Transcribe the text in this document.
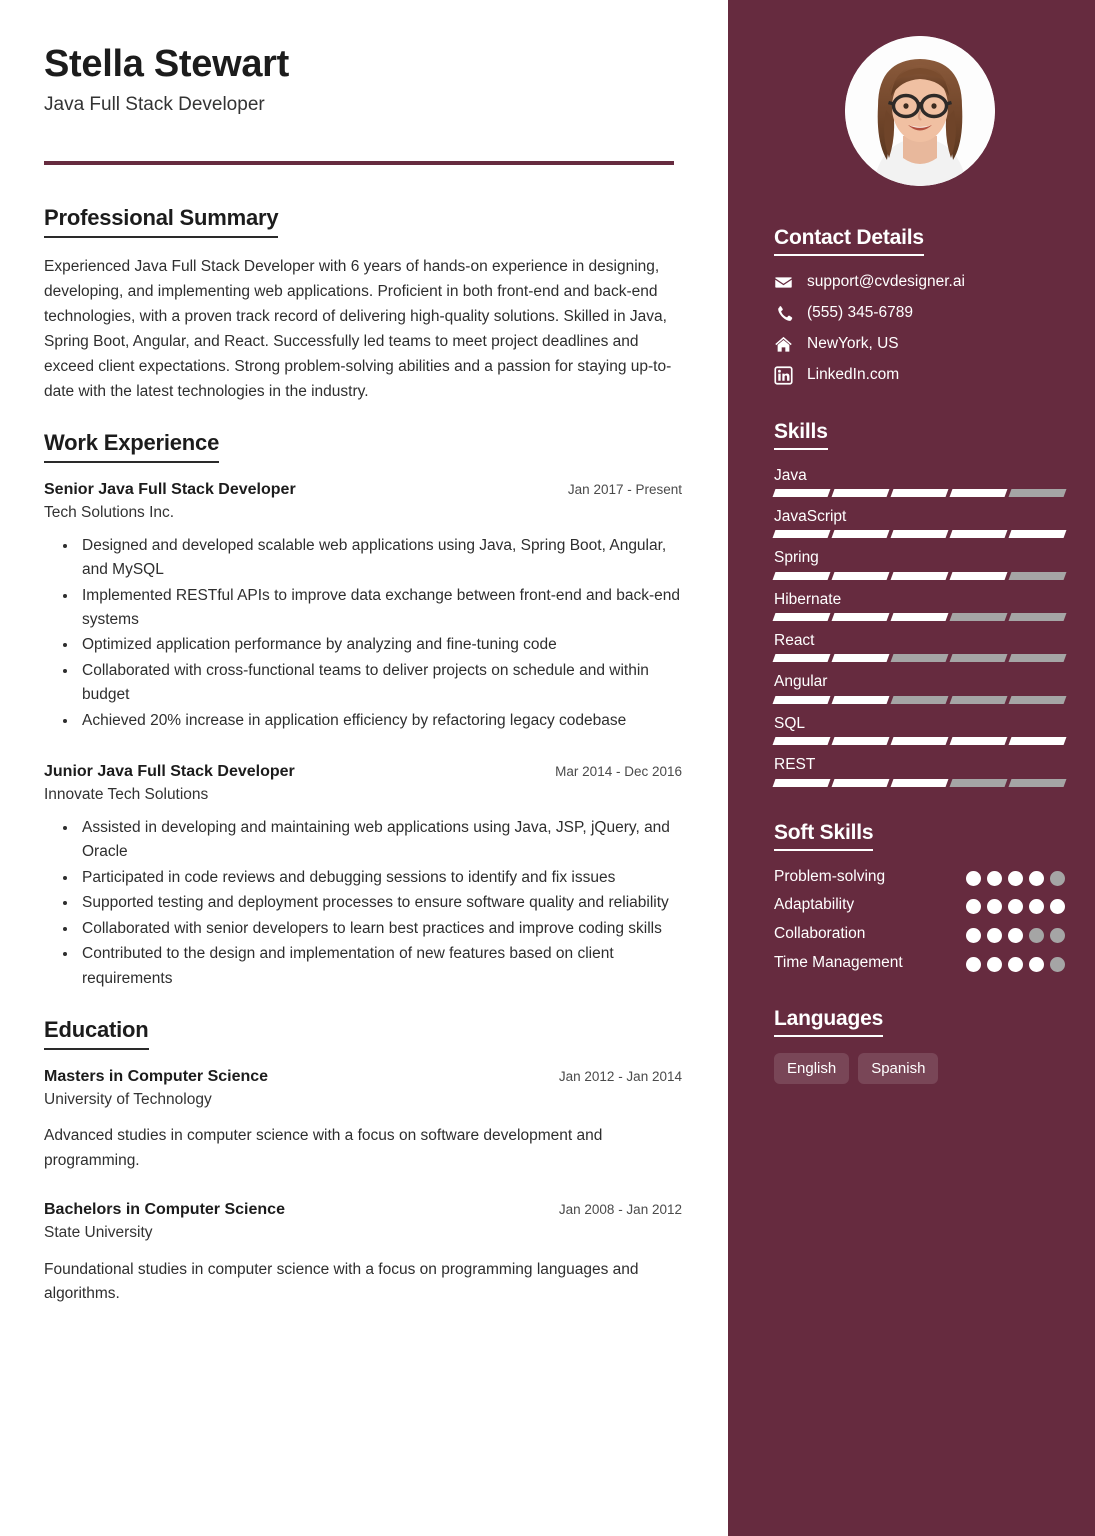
Stella Stewart

Java Full Stack Developer

Professional Summary

Experienced Java Full Stack Developer with 6 years of hands-on experience in designing, developing, and implementing web applications. Proficient in both front-end and back-end technologies, with a proven track record of delivering high-quality solutions. Skilled in Java, Spring Boot, Angular, and React. Successfully led teams to meet project deadlines and exceed client expectations. Strong problem-solving abilities and a passion for staying up-to-date with the latest technologies in the industry.

Work Experience
Senior Java Full Stack Developer	Jan 2017 - Present
Tech Solutions Inc.
• Designed and developed scalable web applications using Java, Spring Boot, Angular, and MySQL
• Implemented RESTful APIs to improve data exchange between front-end and back-end systems
• Optimized application performance by analyzing and fine-tuning code
• Collaborated with cross-functional teams to deliver projects on schedule and within budget
• Achieved 20% increase in application efficiency by refactoring legacy codebase
Junior Java Full Stack Developer	Mar 2014 - Dec 2016
Innovate Tech Solutions
• Assisted in developing and maintaining web applications using Java, JSP, jQuery, and Oracle
• Participated in code reviews and debugging sessions to identify and fix issues
• Supported testing and deployment processes to ensure software quality and reliability
• Collaborated with senior developers to learn best practices and improve coding skills
• Contributed to the design and implementation of new features based on client requirements
Education
Masters in Computer Science	Jan 2012 - Jan 2014
University of Technology

Advanced studies in computer science with a focus on software development and programming.

Bachelors in Computer Science	Jan 2008 - Jan 2012
State University

Foundational studies in computer science with a focus on programming languages and algorithms.

Contact Details
support@cvdesigner.ai
(555) 345-6789
NewYork, US
LinkedIn.com
Skills
Java
JavaScript
Spring
Hibernate
React
Angular
SQL
REST
Soft Skills
Problem-solving
Adaptability
Collaboration
Time Management
Languages
English	Spanish
